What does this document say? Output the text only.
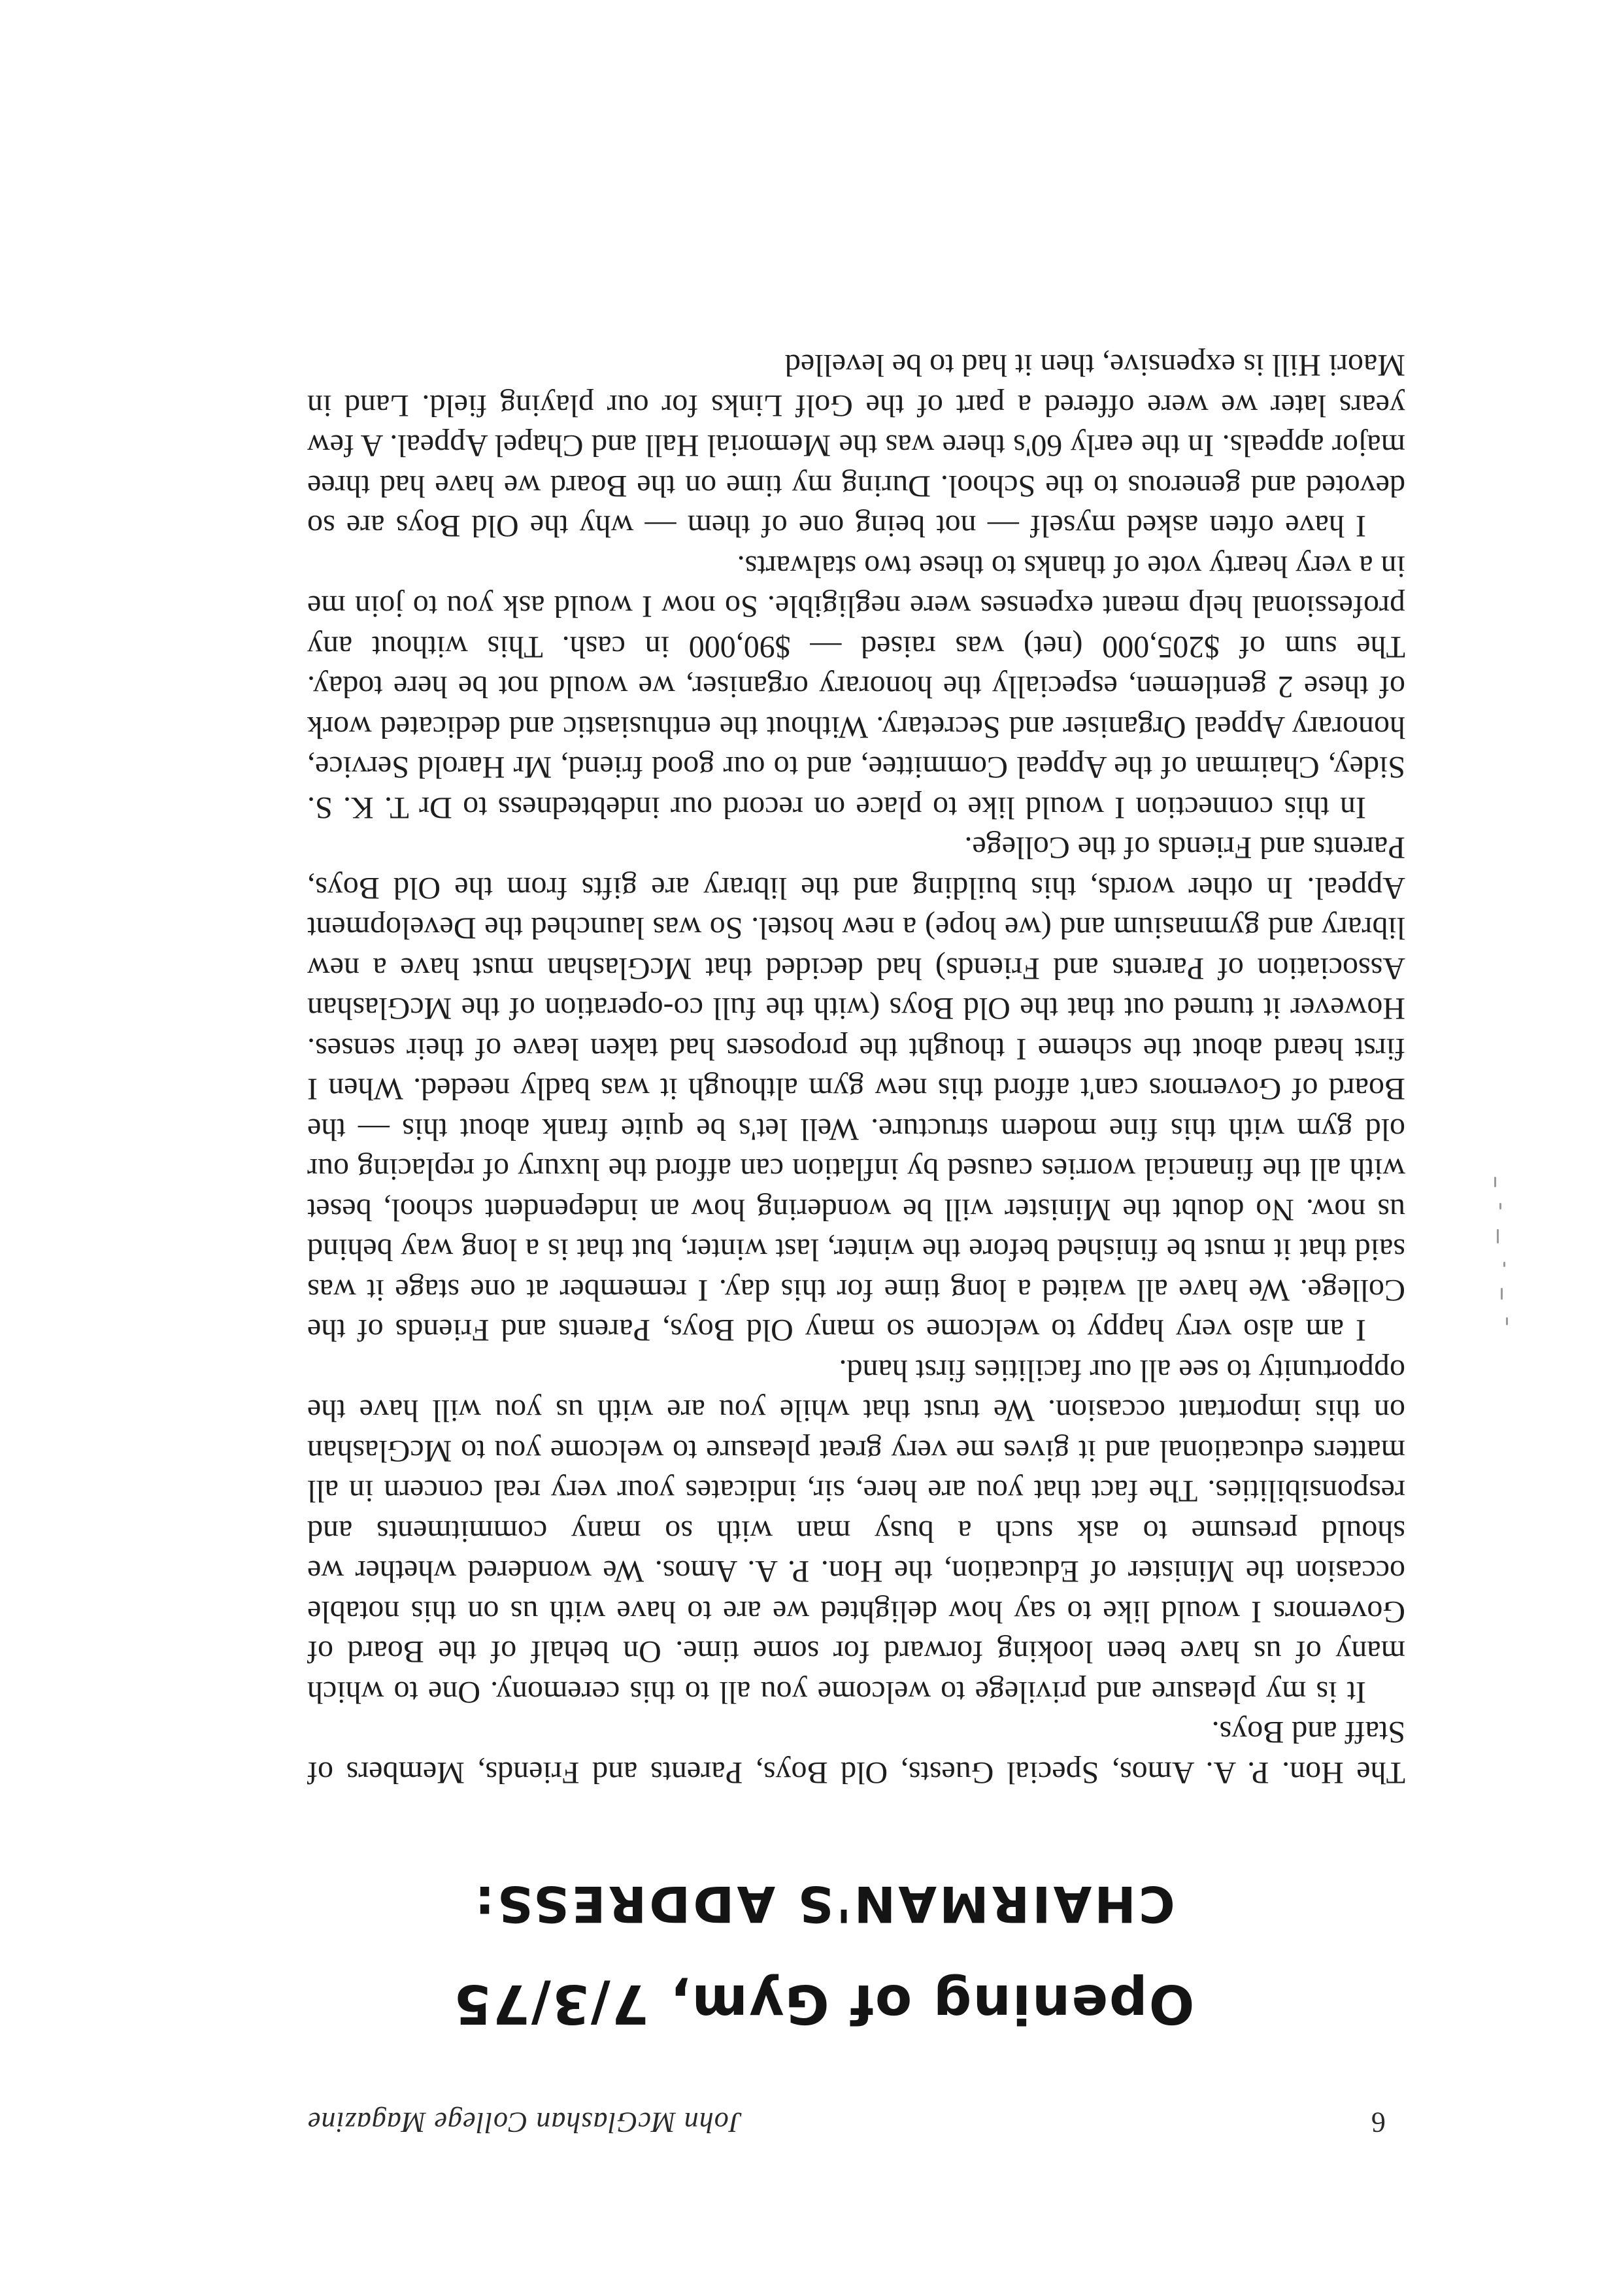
6
John McGlashan College Magazine
Opening of Gym, 7/3/75
CHAIRMAN'S ADDRESS:

The Hon. P. A. Amos, Special Guests, Old Boys, Parents and Friends, Members of Staff and Boys.

It is my pleasure and privilege to welcome you all to this ceremony. One to which many of us have been looking forward for some time. On behalf of the Board of Governors I would like to say how delighted we are to have with us on this notable occasion the Minister of Education, the Hon. P. A. Amos. We wondered whether we should presume to ask such a busy man with so many commitments and responsibilities. The fact that you are here, sir, indicates your very real concern in all matters educational and it gives me very great pleasure to welcome you to McGlashan on this important occasion. We trust that while you are with us you will have the opportunity to see all our facilities first hand.

I am also very happy to welcome so many Old Boys, Parents and Friends of the College. We have all waited a long time for this day. I remember at one stage it was said that it must be finished before the winter, last winter, but that is a long way behind us now. No doubt the Minister will be wondering how an independent school, beset with all the financial worries caused by inflation can afford the luxury of replacing our old gym with this fine modern structure. Well let's be quite frank about this — the Board of Governors can't afford this new gym although it was badly needed. When I first heard about the scheme I thought the proposers had taken leave of their senses. However it turned out that the Old Boys (with the full co-operation of the McGlashan Association of Parents and Friends) had decided that McGlashan must have a new library and gymnasium and (we hope) a new hostel. So was launched the Development Appeal. In other words, this building and the library are gifts from the Old Boys, Parents and Friends of the College.

In this connection I would like to place on record our indebtedness to Dr T. K. S. Sidey, Chairman of the Appeal Committee, and to our good friend, Mr Harold Service, honorary Appeal Organiser and Secretary. Without the enthusiastic and dedicated work of these 2 gentlemen, especially the honorary organiser, we would not be here today. The sum of $205,000 (net) was raised — $90,000 in cash. This without any professional help meant expenses were negligible. So now I would ask you to join me in a very hearty vote of thanks to these two stalwarts.

I have often asked myself — not being one of them — why the Old Boys are so devoted and generous to the School. During my time on the Board we have had three major appeals. In the early 60's there was the Memorial Hall and Chapel Appeal. A few years later we were offered a part of the Golf Links for our playing field. Land in Maori Hill is expensive, then it had to be levelled
